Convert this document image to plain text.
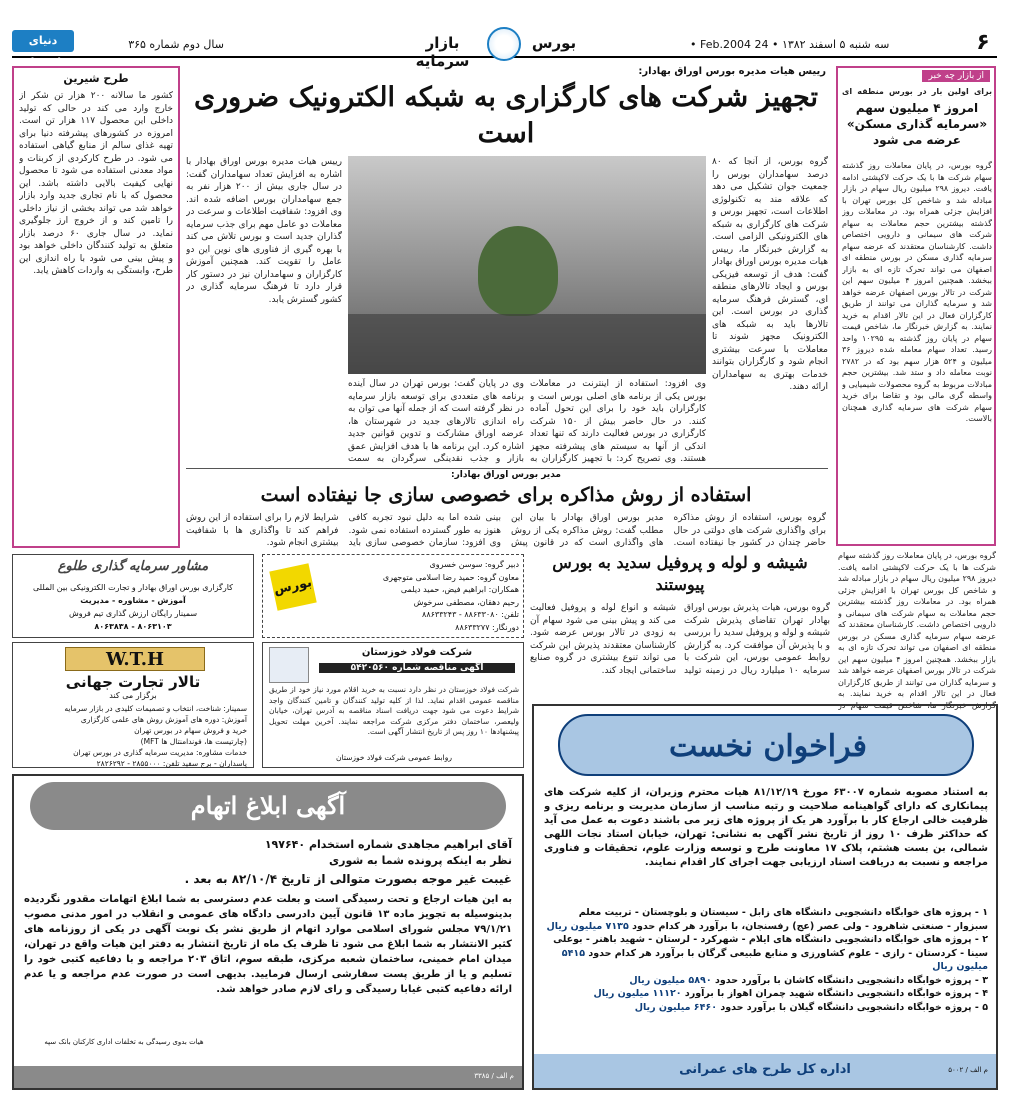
دنیای اقتصاد
سال دوم شماره ۳۶۵	بازار سرمایه
بورس	سه شنبه ۵ اسفند ۱۳۸۲ • 24 Feb.2004 •	۶
از بازار چه خبر
برای اولین بار در بورس منطقه ای
امروز ۴ میلیون سهم «سرمایه گذاری مسکن» عرضه می شود
گروه بورس، در پایان معاملات روز گذشته سهام شرکت ها با یک حرکت لاکپشتی ادامه یافت. دیروز ۲۹۸ میلیون ریال سهام در بازار مبادله شد و شاخص کل بورس تهران با افزایش جزئی همراه بود. در معاملات روز گذشته بیشترین حجم معاملات به سهام شرکت های سیمانی و دارویی اختصاص داشت. کارشناسان معتقدند که عرضه سهام سرمایه گذاری مسکن در بورس منطقه ای اصفهان می تواند تحرک تازه ای به بازار ببخشد. همچنین امروز ۴ میلیون سهم این شرکت در تالار بورس اصفهان عرضه خواهد شد و سرمایه گذاران می توانند از طریق کارگزاران فعال در این تالار اقدام به خرید نمایند. به گزارش خبرنگار ما، شاخص قیمت سهام در پایان روز گذشته به ۱۰۲۹۵ واحد رسید. تعداد سهام معامله شده دیروز ۳۶ میلیون و ۵۲۴ هزار سهم بود که در ۲۷۸۲ نوبت معامله داد و ستد شد. بیشترین حجم مبادلات مربوط به گروه محصولات شیمیایی و واسطه گری مالی بود و تقاضا برای خرید سهام شرکت های سرمایه گذاری همچنان بالاست.
گروه بورس، در پایان معاملات روز گذشته سهام شرکت ها با یک حرکت لاکپشتی ادامه یافت. دیروز ۲۹۸ میلیون ریال سهام در بازار مبادله شد و شاخص کل بورس تهران با افزایش جزئی همراه بود. در معاملات روز گذشته بیشترین حجم معاملات به سهام شرکت های سیمانی و دارویی اختصاص داشت. کارشناسان معتقدند که عرضه سهام سرمایه گذاری مسکن در بورس منطقه ای اصفهان می تواند تحرک تازه ای به بازار ببخشد. همچنین امروز ۴ میلیون سهم این شرکت در تالار بورس اصفهان عرضه خواهد شد و سرمایه گذاران می توانند از طریق کارگزاران فعال در این تالار اقدام به خرید نمایند. به گزارش خبرنگار ما، شاخص قیمت سهام در
رییس هیات مدیره بورس اوراق بهادار:
تجهیز شرکت های کارگزاری به شبکه الکترونیک ضروری است
گروه بورس، از آنجا که ۸۰ درصد سهامداران بورس را جمعیت جوان تشکیل می دهد که علاقه مند به تکنولوژی اطلاعات است، تجهیز بورس و شرکت های کارگزاری به شبکه های الکترونیکی الزامی است. به گزارش خبرنگار ما، رییس هیات مدیره بورس اوراق بهادار گفت: هدف از توسعه فیزیکی بورس و ایجاد تالارهای منطقه ای، گسترش فرهنگ سرمایه گذاری در بورس است. این تالارها باید به شبکه های الکترونیک مجهز شوند تا معاملات با سرعت بیشتری انجام شود و کارگزاران بتوانند خدمات بهتری به سهامداران ارائه دهند.
رییس هیات مدیره بورس اوراق بهادار با اشاره به افزایش تعداد سهامداران گفت: در سال جاری بیش از ۲۰۰ هزار نفر به جمع سهامداران بورس اضافه شده اند. وی افزود: شفافیت اطلاعات و سرعت در معاملات دو عامل مهم برای جذب سرمایه گذاران جدید است و بورس تلاش می کند با بهره گیری از فناوری های نوین این دو عامل را تقویت کند. همچنین آموزش کارگزاران و سهامداران نیز در دستور کار قرار دارد تا فرهنگ سرمایه گذاری در کشور گسترش یابد.
وی افزود: استفاده از اینترنت در معاملات بورس یکی از برنامه های اصلی بورس است و کارگزاران باید خود را برای این تحول آماده کنند. در حال حاضر بیش از ۱۵۰ شرکت کارگزاری در بورس فعالیت دارند که تنها تعداد اندکی از آنها به سیستم های پیشرفته مجهز هستند. وی تصریح کرد: با تجهیز کارگزاران به
وی در پایان گفت: بورس تهران در سال آینده برنامه های متعددی برای توسعه بازار سرمایه در نظر گرفته است که از جمله آنها می توان به راه اندازی تالارهای جدید در شهرستان ها، عرضه اوراق مشارکت و تدوین قوانین جدید اشاره کرد. این برنامه ها با هدف افزایش عمق بازار و جذب نقدینگی سرگردان به سمت
مدیر بورس اوراق بهادار:
استفاده از روش مذاکره برای خصوصی سازی جا نیفتاده است
گروه بورس، استفاده از روش مذاکره برای واگذاری شرکت های دولتی در حال حاضر چندان در کشور جا نیفتاده است. مدیر بورس اوراق بهادار با بیان این مطلب گفت: روش مذاکره یکی از روش های واگذاری است که در قانون پیش بینی شده اما به دلیل نبود تجربه کافی هنوز به طور گسترده استفاده نمی شود. وی افزود: سازمان خصوصی سازی باید شرایط لازم را برای استفاده از این روش فراهم کند تا واگذاری ها با شفافیت بیشتری انجام شود.
شیشه و لوله و پروفیل سدید به بورس پیوستند
گروه بورس، هیات پذیرش بورس اوراق بهادار تهران تقاضای پذیرش شرکت شیشه و لوله و پروفیل سدید را بررسی و با پذیرش آن موافقت کرد. به گزارش روابط عمومی بورس، این شرکت با سرمایه ۱۰ میلیارد ریال در زمینه تولید شیشه و انواع لوله و پروفیل فعالیت می کند و پیش بینی می شود سهام آن به زودی در تالار بورس عرضه شود. کارشناسان معتقدند پذیرش این شرکت می تواند تنوع بیشتری در گروه صنایع ساختمانی ایجاد کند.
طرح شیرین
کشور ما سالانه ۲۰۰ هزار تن شکر از خارج وارد می کند در حالی که تولید داخلی این محصول ۱۱۷ هزار تن است. امروزه در کشورهای پیشرفته دنیا برای تهیه غذای سالم از منابع گیاهی استفاده می شود. در طرح کارکردی از کربنات و مواد معدنی استفاده می شود تا محصول نهایی کیفیت بالایی داشته باشد. این محصول که با نام تجاری جدید وارد بازار خواهد شد می تواند بخشی از نیاز داخلی را تامین کند و از خروج ارز جلوگیری نماید. در سال جاری ۶۰ درصد بازار متعلق به تولید کنندگان داخلی خواهد بود و پیش بینی می شود با راه اندازی این طرح، وابستگی به واردات کاهش یابد.
مشاور سرمایه گذاری طلوع
کارگزاری بورس اوراق بهادار و تجارت الکترونیکی بین المللی
آموزش - مشاوره - مدیریت
سمینار رایگان ارزش گذاری تیم فروش
۸۰۶۳۱۰۳ - ۸۰۶۳۸۳۸
بورس
دبیر گروه: سوسن خسروی
معاون گروه: حمید رضا اسلامی متوجهری
همکاران: ابراهیم فیض، حمید دیلمی
رحیم دهقان، مصطفی سرخوش
تلفن: ۸۸۶۳۳۰۸۰ - ۸۸۶۳۳۲۴۳
دورنگار: ۸۸۶۳۳۲۷۷
W.T.H
تالار تجارت جهانی
برگزار می کند
سمینار: شناخت، انتخاب و تصمیمات کلیدی در بازار سرمایه
آموزش: دوره های آموزش روش های علمی کارگزاری
خرید و فروش سهام در بورس تهران
(چارتیست ها، فوندامنتال ها MFT)
خدمات مشاوره: مدیریت سرمایه گذاری در بورس تهران
پاسداران - برج سفید تلفن: ۲۸۵۵۰۰۰ - ۲۸۲۶۲۹۲
شرکت فولاد خوزستان
آگهی مناقصه شماره ۵۴۲۰۵۶۰
شرکت فولاد خوزستان در نظر دارد نسبت به خرید اقلام مورد نیاز خود از طریق مناقصه عمومی اقدام نماید. لذا از کلیه تولید کنندگان و تامین کنندگان واجد شرایط دعوت می شود جهت دریافت اسناد مناقصه به آدرس تهران، خیابان ولیعصر، ساختمان دفتر مرکزی شرکت مراجعه نمایند. آخرین مهلت تحویل پیشنهادها ۱۰ روز پس از تاریخ انتشار آگهی است.
روابط عمومی شرکت فولاد خوزستان	فراخوان نخست
به استناد مصوبه شماره ۶۳۰۰۷ مورخ ۸۱/۱۲/۱۹ هیات محترم وزیران، از کلیه شرکت های پیمانکاری که دارای گواهینامه صلاحیت و رتبه مناسب از سازمان مدیریت و برنامه ریزی و ظرفیت خالی ارجاع کار با برآورد هر یک از پروژه های زیر می باشند دعوت به عمل می آید که حداکثر ظرف ۱۰ روز از تاریخ نشر آگهی به نشانی: تهران، خیابان استاد نجات اللهی شمالی، بن بست هشتم، پلاک ۱۷ معاونت طرح و توسعه وزارت علوم، تحقیقات و فناوری مراجعه و نسبت به دریافت اسناد ارزیابی جهت اجرای کار اقدام نمایند.
۱ - پروژه های خوابگاه دانشجویی دانشگاه های زابل - سیستان و بلوچستان - تربیت معلم سبزوار - صنعتی شاهرود - ولی عصر (عج) رفسنجان، با برآورد هر کدام حدود ۷۱۳۵ میلیون ریال
۲ - پروژه های خوابگاه دانشجویی دانشگاه های ایلام - شهرکرد - لرستان - شهید باهنر - بوعلی سینا - کردستان - رازی - علوم کشاورزی و منابع طبیعی گرگان با برآورد هر کدام حدود ۵۴۱۵ میلیون ریال
۳ - پروژه خوابگاه دانشجویی دانشگاه کاشان با برآورد حدود ۵۸۹۰ میلیون ریال
۴ - پروژه خوابگاه دانشجویی دانشگاه شهید چمران اهواز با برآورد ۱۱۱۲۰ میلیون ریال
۵ - پروژه خوابگاه دانشجویی دانشگاه گیلان با برآورد حدود ۶۴۶۰ میلیون ریال
اداره کل طرح های عمرانی	م الف / ۵۰۰۲
آگهی ابلاغ اتهام
آقای ابراهیم مجاهدی شماره استخدام ۱۹۷۶۴۰
نظر به اینکه پرونده شما به شوری
غیبت غیر موجه بصورت متوالی از تاریخ ۸۲/۱۰/۴ به بعد .
به این هیات ارجاع و تحت رسیدگی است و بعلت عدم دسترسی به شما ابلاغ اتهامات مقدور نگردیده بدینوسیله به تجویز ماده ۱۳ قانون آیین دادرسی دادگاه های عمومی و انقلاب در امور مدنی مصوب ۷۹/۱/۲۱ مجلس شورای اسلامی موارد اتهام از طریق نشر یک نوبت آگهی در یکی از روزنامه های کثیر الانتشار به شما ابلاغ می شود تا ظرف یک ماه از تاریخ انتشار به دفتر این هیات واقع در تهران، میدان امام خمینی، ساختمان شعبه مرکزی، طبقه سوم، اتاق ۲۰۳ مراجعه و با دفاعیه کتبی خود را تسلیم و یا از طریق پست سفارشی ارسال فرمایید. بدیهی است در صورت عدم مراجعه و یا عدم ارائه دفاعیه کتبی غیابا رسیدگی و رای لازم صادر خواهد شد.
هیات بدوی رسیدگی به تخلفات اداری کارکنان بانک سپه
م الف / ۳۳۸۵
